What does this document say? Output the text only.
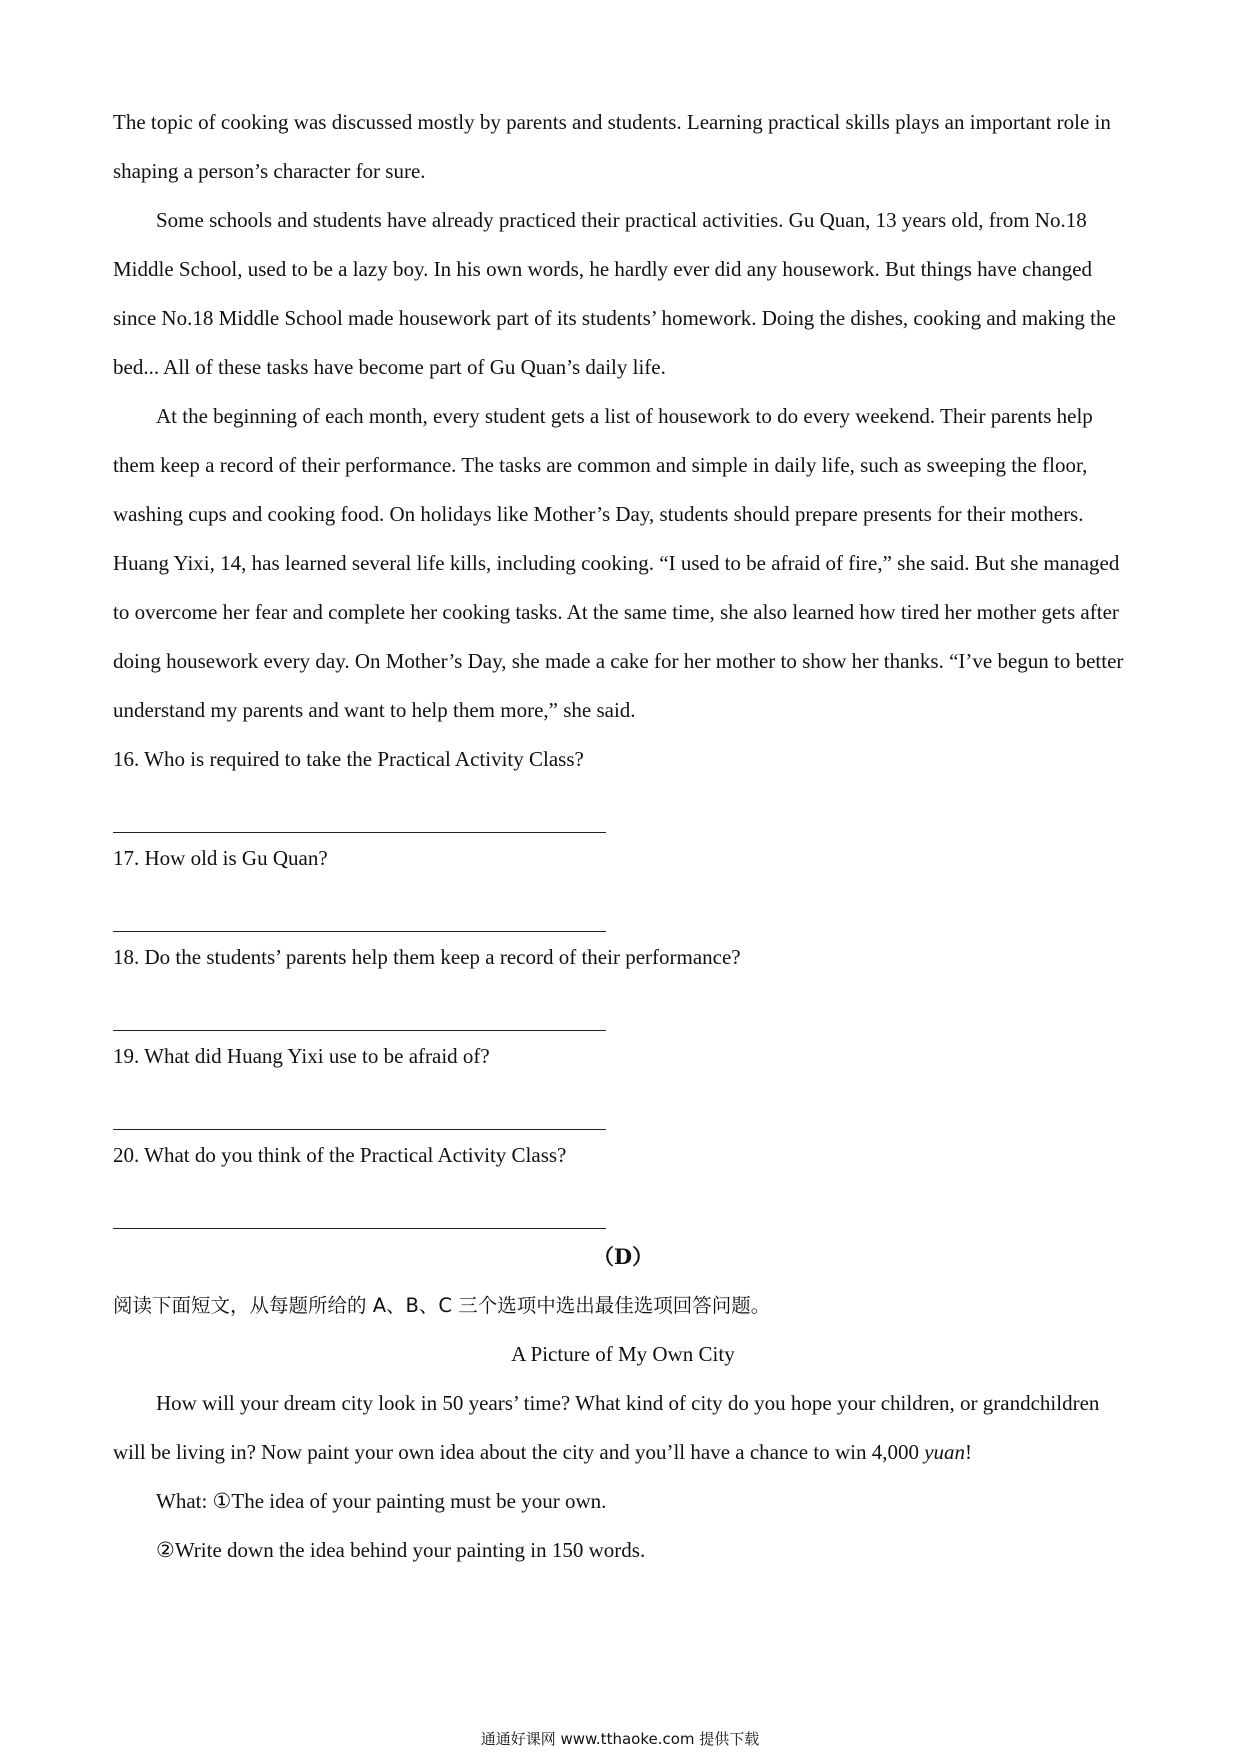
The topic of cooking was discussed mostly by parents and students. Learning practical skills plays an important role in shaping a person’s character for sure.

Some schools and students have already practiced their practical activities. Gu Quan, 13 years old, from No.18 Middle School, used to be a lazy boy. In his own words, he hardly ever did any housework. But things have changed since No.18 Middle School made housework part of its students’ homework. Doing the dishes, cooking and making the bed... All of these tasks have become part of Gu Quan’s daily life.

At the beginning of each month, every student gets a list of housework to do every weekend. Their parents help them keep a record of their performance. The tasks are common and simple in daily life, such as sweeping the floor, washing cups and cooking food. On holidays like Mother’s Day, students should prepare presents for their mothers. Huang Yixi, 14, has learned several life kills, including cooking. “I used to be afraid of fire,” she said. But she managed to overcome her fear and complete her cooking tasks. At the same time, she also learned how tired her mother gets after doing housework every day. On Mother’s Day, she made a cake for her mother to show her thanks. “I’ve begun to better understand my parents and want to help them more,” she said.

16. Who is required to take the Practical Activity Class?

17. How old is Gu Quan?

18. Do the students’ parents help them keep a record of their performance?

19. What did Huang Yixi use to be afraid of?

20. What do you think of the Practical Activity Class?

（D）

阅读下面短文，从每题所给的 A、B、C 三个选项中选出最佳选项回答问题。

A Picture of My Own City

How will your dream city look in 50 years’ time? What kind of city do you hope your children, or grandchildren will be living in? Now paint your own idea about the city and you’ll have a chance to win 4,000 yuan!

What: ①The idea of your painting must be your own.

②Write down the idea behind your painting in 150 words.

通通好课网 www.tthaoke.com 提供下载
